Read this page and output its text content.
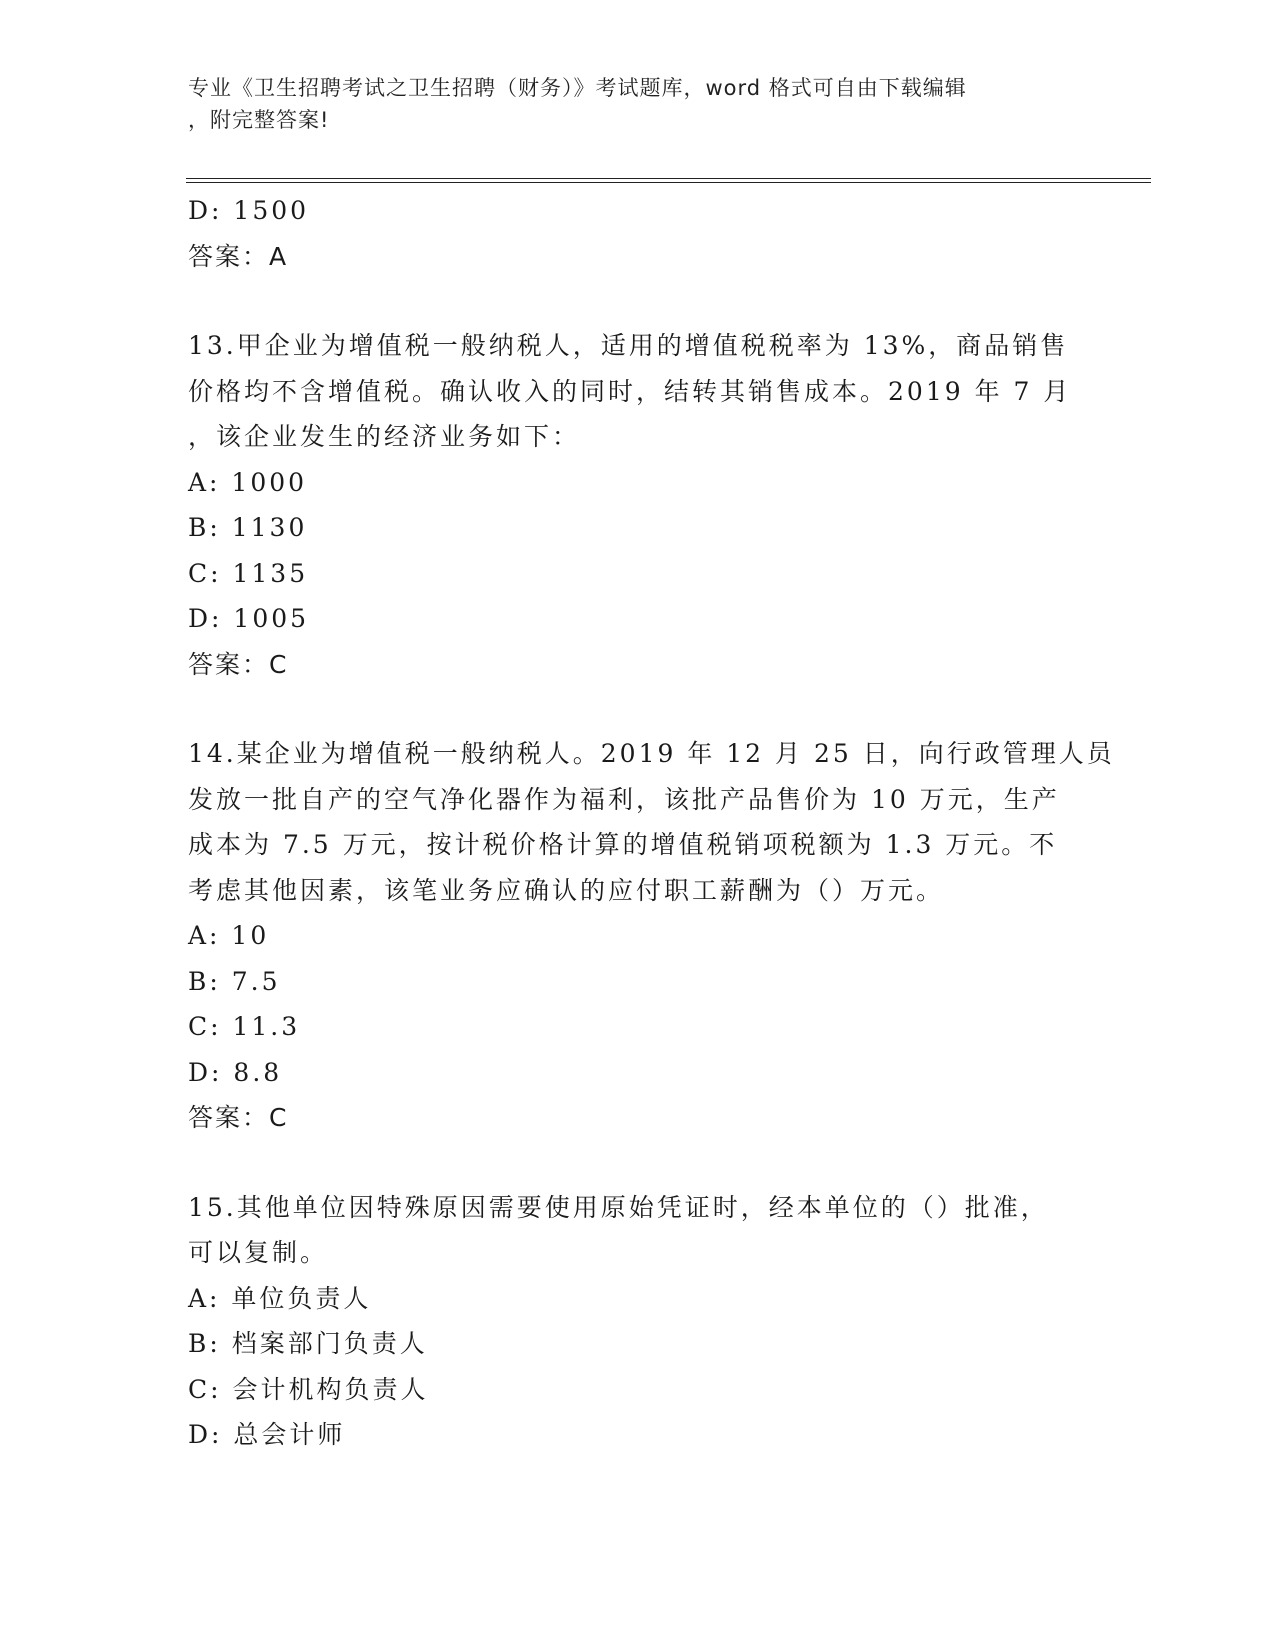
专业《卫生招聘考试之卫生招聘（财务）》考试题库，word 格式可自由下载编辑
，附完整答案!
D: 1500
答案：A
13.甲企业为增值税一般纳税人，适用的增值税税率为 13%，商品销售
价格均不含增值税。确认收入的同时，结转其销售成本。2019 年 7 月
，该企业发生的经济业务如下：
A: 1000
B: 1130
C: 1135
D: 1005
答案：C
14.某企业为增值税一般纳税人。2019 年 12 月 25 日，向行政管理人员
发放一批自产的空气净化器作为福利，该批产品售价为 10 万元，生产
成本为 7.5 万元，按计税价格计算的增值税销项税额为 1.3 万元。不
考虑其他因素，该笔业务应确认的应付职工薪酬为（）万元。
A: 10
B: 7.5
C: 11.3
D: 8.8
答案：C
15.其他单位因特殊原因需要使用原始凭证时，经本单位的（）批准，
可以复制。
A: 单位负责人
B: 档案部门负责人
C: 会计机构负责人
D: 总会计师
